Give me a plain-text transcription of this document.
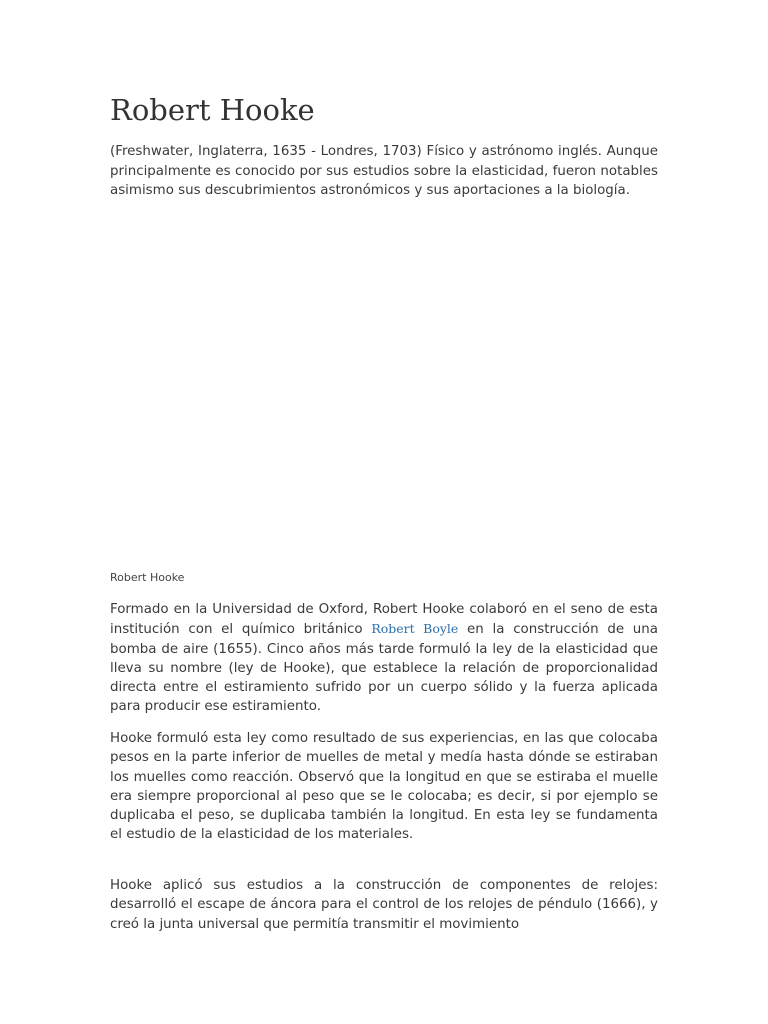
Robert Hooke

(Freshwater, Inglaterra, 1635 - Londres, 1703) Físico y astrónomo inglés. Aunque principalmente es conocido por sus estudios sobre la elasticidad, fueron notables asimismo sus descubrimientos astronómicos y sus aportaciones a la biología.

Robert Hooke

Formado en la Universidad de Oxford, Robert Hooke colaboró en el seno de esta institución con el químico británico Robert Boyle en la construcción de una bomba de aire (1655). Cinco años más tarde formuló la ley de la elasticidad que lleva su nombre (ley de Hooke), que establece la relación de proporcionalidad directa entre el estiramiento sufrido por un cuerpo sólido y la fuerza aplicada para producir ese estiramiento.

Hooke formuló esta ley como resultado de sus experiencias, en las que colocaba pesos en la parte inferior de muelles de metal y medía hasta dónde se estiraban los muelles como reacción. Observó que la longitud en que se estiraba el muelle era siempre proporcional al peso que se le colocaba; es decir, si por ejemplo se duplicaba el peso, se duplicaba también la longitud. En esta ley se fundamenta el estudio de la elasticidad de los materiales.

Hooke aplicó sus estudios a la construcción de componentes de relojes: desarrolló el escape de áncora para el control de los relojes de péndulo (1666), y creó la junta universal que permitía transmitir el movimiento
